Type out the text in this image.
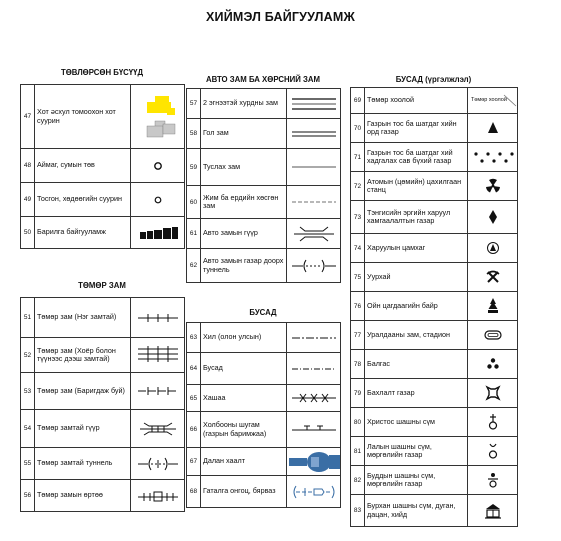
ХИЙМЭЛ БАЙГУУЛАМЖ
ТӨВЛӨРСӨН БҮСҮҮД
47	Хот әсхул томоохон хот суурин	

48	Аймаг, сумын төв	

49	Тосгон, хөдөөгийн суурин	

50	Барилга байгууламж	
ТӨМӨР ЗАМ
51	Төмөр зам (Нэг замтай)	

52	Төмөр зам (Хоёр болон түүнээс дээш замтай)	

53	Төмөр зам (Баригдаж буй)	

54	Төмөр замтай гүүр	

55	Төмөр замтай туннель	

56	Төмөр замын өртөө	
АВТО ЗАМ БА ХӨРСНИЙ ЗАМ
57	2 эгнээтэй хурдны зам	

58	Гол зам	

59	Туслах зам	

60	Жим ба ердийн хөсгөн зам	

61	Авто замын гүүр	

62	Авто замын газар доорх туннель	
БУСАД
63	Хил (олон улсын)	

64	Бусад	

65	Хашаа	

66	Холбооны шугам (газрын баримжаа)	

67	Далан хаалт	

68	Гаталга онгоц, бярваз	
БУСАД (үргэлжлэл)
69	Төмөр хоолой	Төмөр хоолой

70	Газрын тос ба шатдаг хийн орд газар	

71	Газрын тос ба шатдаг хий хадгалах сав бүхий газар	

72	Атомын (цөмийн) цахилгаан станц	

73	Тэнгисийн эргийн харуул хамгаалалтын газар	

74	Харуулын цамхаг	

75	Уурхай	

76	Ойн цагдаагийн байр	

77	Уралдааны зам, стадион	

78	Балгас	

79	Бахлалт газар	

80	Христос шашны сүм	

81	Лалын шашны сүм, мөргөлийн газар	

82	Буддын шашны сүм, мөргөлийн газар	

83	Бурхан шашны сүм, дуган, дацан, хийд	
